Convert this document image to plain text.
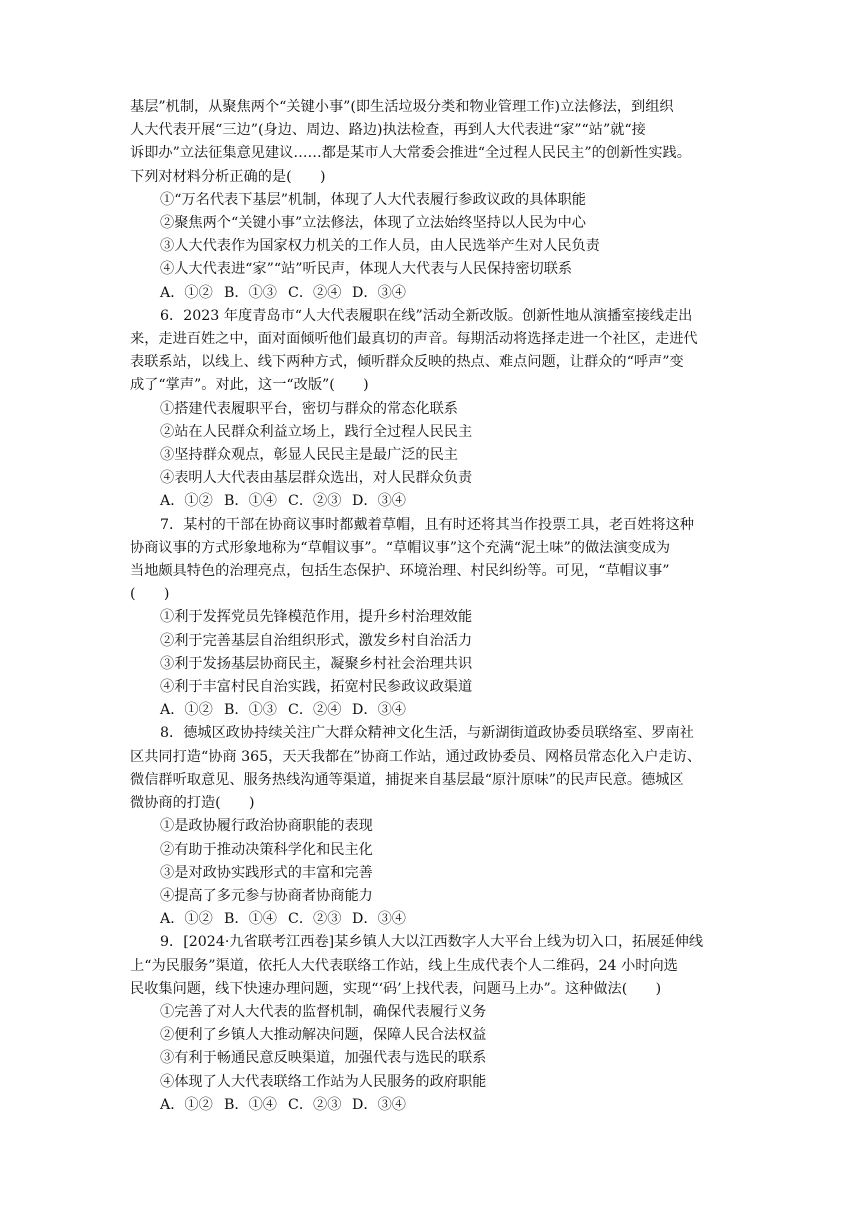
基层”机制，从聚焦两个“关键小事”(即生活垃圾分类和物业管理工作)立法修法，到组织
人大代表开展“三边”(身边、周边、路边)执法检查，再到人大代表进“家”“站”就“接
诉即办”立法征集意见建议……都是某市人大常委会推进“全过程人民民主”的创新性实践。
下列对材料分析正确的是(　　)

①“万名代表下基层”机制，体现了人大代表履行参政议政的具体职能

②聚焦两个“关键小事”立法修法，体现了立法始终坚持以人民为中心

③人大代表作为国家权力机关的工作人员，由人民选举产生对人民负责

④人大代表进“家”“站”听民声，体现人大代表与人民保持密切联系

A．①② B．①③ C．②④ D．③④

6．2023 年度青岛市“人大代表履职在线”活动全新改版。创新性地从演播室接线走出
来，走进百姓之中，面对面倾听他们最真切的声音。每期活动将选择走进一个社区，走进代
表联系站，以线上、线下两种方式，倾听群众反映的热点、难点问题，让群众的“呼声”变
成了“掌声”。对此，这一“改版”(　　)

①搭建代表履职平台，密切与群众的常态化联系

②站在人民群众利益立场上，践行全过程人民民主

③坚持群众观点，彰显人民民主是最广泛的民主

④表明人大代表由基层群众选出，对人民群众负责

A．①② B．①④ C．②③ D．③④

7．某村的干部在协商议事时都戴着草帽，且有时还将其当作投票工具，老百姓将这种
协商议事的方式形象地称为“草帽议事”。“草帽议事”这个充满“泥土味”的做法演变成为
当地颇具特色的治理亮点，包括生态保护、环境治理、村民纠纷等。可见，“草帽议事”
(　　)

①利于发挥党员先锋模范作用，提升乡村治理效能

②利于完善基层自治组织形式，激发乡村自治活力

③利于发扬基层协商民主，凝聚乡村社会治理共识

④利于丰富村民自治实践，拓宽村民参政议政渠道

A．①② B．①③ C．②④ D．③④

8．德城区政协持续关注广大群众精神文化生活，与新湖街道政协委员联络室、罗南社
区共同打造“协商 365，天天我都在”协商工作站，通过政协委员、网格员常态化入户走访、
微信群听取意见、服务热线沟通等渠道，捕捉来自基层最“原汁原味”的民声民意。德城区
微协商的打造(　　)

①是政协履行政治协商职能的表现

②有助于推动决策科学化和民主化

③是对政协实践形式的丰富和完善

④提高了多元参与协商者协商能力

A．①② B．①④ C．②③ D．③④

9．[2024·九省联考江西卷]某乡镇人大以江西数字人大平台上线为切入口，拓展延伸线
上“为民服务”渠道，依托人大代表联络工作站，线上生成代表个人二维码，24 小时向选
民收集问题，线下快速办理问题，实现“‘码’上找代表，问题马上办”。这种做法(　　)

①完善了对人大代表的监督机制，确保代表履行义务

②便利了乡镇人大推动解决问题，保障人民合法权益

③有利于畅通民意反映渠道，加强代表与选民的联系

④体现了人大代表联络工作站为人民服务的政府职能

A．①② B．①④ C．②③ D．③④
